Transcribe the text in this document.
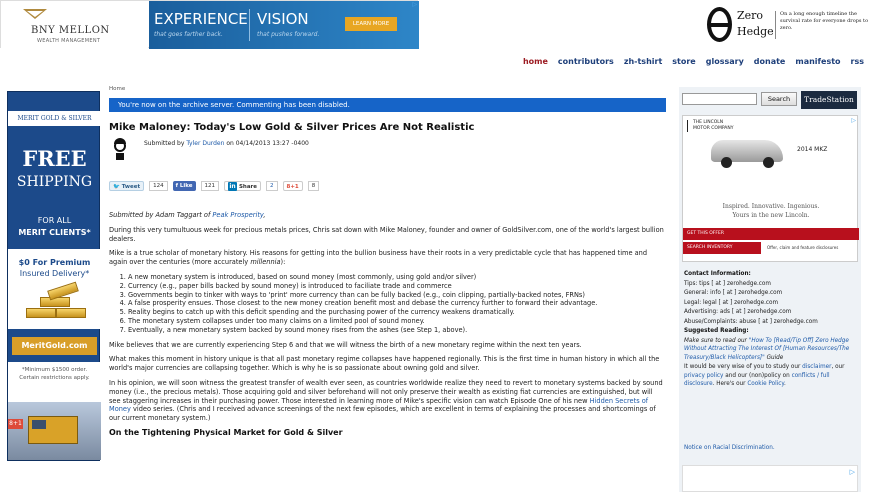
BNY MELLON
WEALTH MANAGEMENT
EXPERIENCE
that goes farther back.
VISION
that pushes forward.
LEARN MORE
▷
Zero
Hedge
On a long enough timeline the survival rate for everyone drops to zero.
home contributors zh-tshirt store glossary donate manifesto rss
MERIT GOLD & SILVER
FREE
SHIPPING
FOR ALL
MERIT CLIENTS*
$0 For Premium
Insured Delivery*
MeritGold.com
*Minimum $1500 order.
Certain restrictions apply.
8+1
Home
You're now on the archive server. Commenting has been disabled.
Mike Maloney: Today's Low Gold & Silver Prices Are Not Realistic
Submitted by Tyler Durden on 04/14/2013 13:27 -0400
🐦 Tweet	124	f Like	121	in Share	2	8+1	8

Submitted by Adam Taggart of Peak Prosperity,

During this very tumultuous week for precious metals prices, Chris sat down with Mike Maloney, founder and owner of GoldSilver.com, one of the world's largest bullion dealers.

Mike is a true scholar of monetary history. His reasons for getting into the bullion business have their roots in a very predictable cycle that has happened time and again over the centuries (more accurately millennia):

1. A new monetary system is introduced, based on sound money (most commonly, using gold and/or silver)
2. Currency (e.g., paper bills backed by sound money) is introduced to faciliate trade and commerce
3. Governments begin to tinker with ways to 'print' more currency than can be fully backed (e.g., coin clipping, partially-backed notes, FRNs)
4. A false prosperity ensues. Those closest to the new money creation benefit most and debase the currency further to forward their advantage.
5. Reality begins to catch up with this deficit spending and the purchasing power of the currency weakens dramatically.
6. The monetary system collapses under too many claims on a limited pool of sound money.
7. Eventually, a new monetary system backed by sound money rises from the ashes (see Step 1, above).

Mike believes that we are currently experiencing Step 6 and that we will witness the birth of a new monetary regime within the next ten years.

What makes this moment in history unique is that all past monetary regime collapses have happened regionally. This is the first time in human history in which all the world's major currencies are collapsing together. Which is why he is so passionate about owning gold and silver.

In his opinion, we will soon witness the greatest transfer of wealth ever seen, as countries worldwide realize they need to revert to monetary systems backed by sound money (i.e., the precious metals). Those acquiring gold and silver beforehand will not only preserve their wealth as existing fiat currencies are extinguished, but will see staggering increases in their purchasing power. Those interested in learning more of Mike's specific vision can watch Episode One of his new Hidden Secrets of Money video series. (Chris and I received advance screenings of the next few episodes, which are excellent in terms of explaining the processes and shortcomings of our current monetary system.)

On the Tightening Physical Market for Gold & Silver
Search	TradeStation
THE LINCOLN
MOTOR COMPANY
2014 MKZ
Inspired. Innovative. Ingenious.
Yours in the new Lincoln.
GET THIS OFFER
SEARCH INVENTORY	Offer, claim and feature disclosures
▷
Contact Information:
Tips: tips [ at ] zerohedge.com
General: info [ at ] zerohedge.com
Legal: legal [ at ] zerohedge.com
Advertising: ads [ at ] zerohedge.com
Abuse/Complaints: abuse [ at ] zerohedge.com
Suggested Reading:
Make sure to read our "How To [Read/Tip Off] Zero Hedge Without Attracting The Interest Of [Human Resources/The Treasury/Black Helicopters]" Guide
It would be very wise of you to study our disclaimer, our privacy policy and our (non)policy on conflicts / full disclosure. Here's our Cookie Policy.
Notice on Racial Discrimination.
▷
